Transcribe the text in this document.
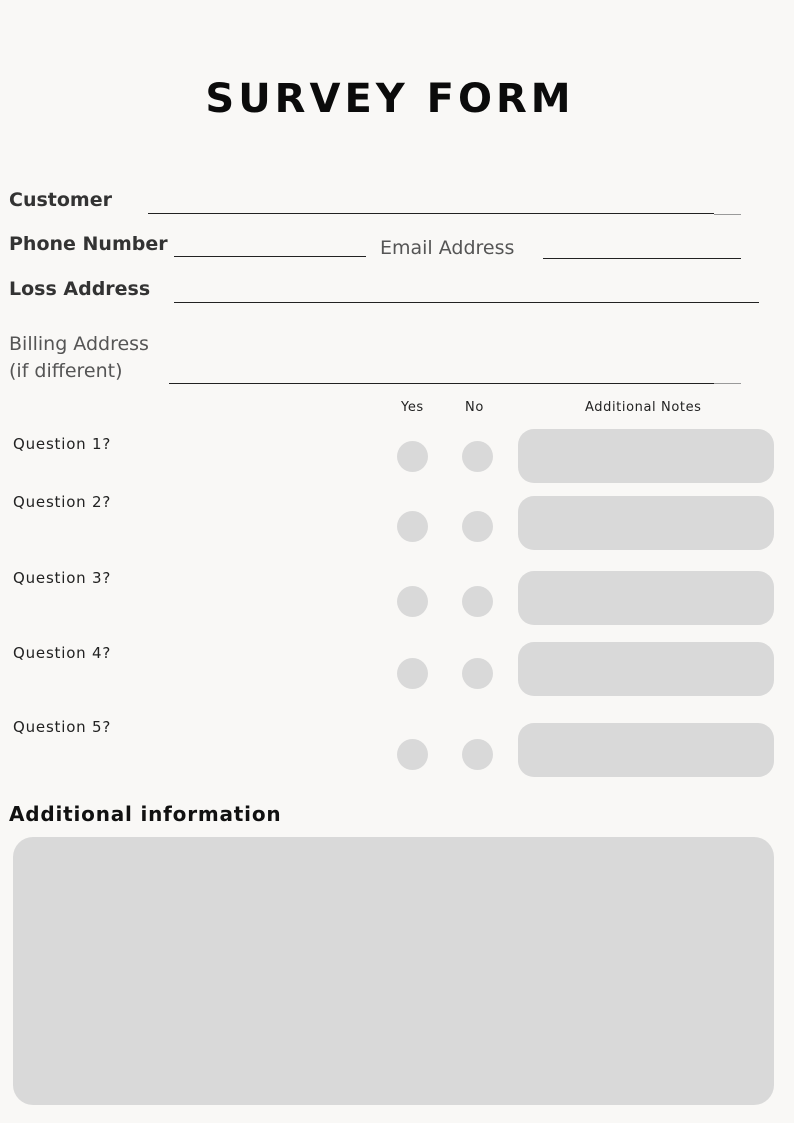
SURVEY FORM
Customer
Phone Number	Email Address
Loss Address
Billing Address
(if different)
Yes	No	Additional Notes
Question 1?
Question 2?
Question 3?
Question 4?
Question 5?
Additional information
